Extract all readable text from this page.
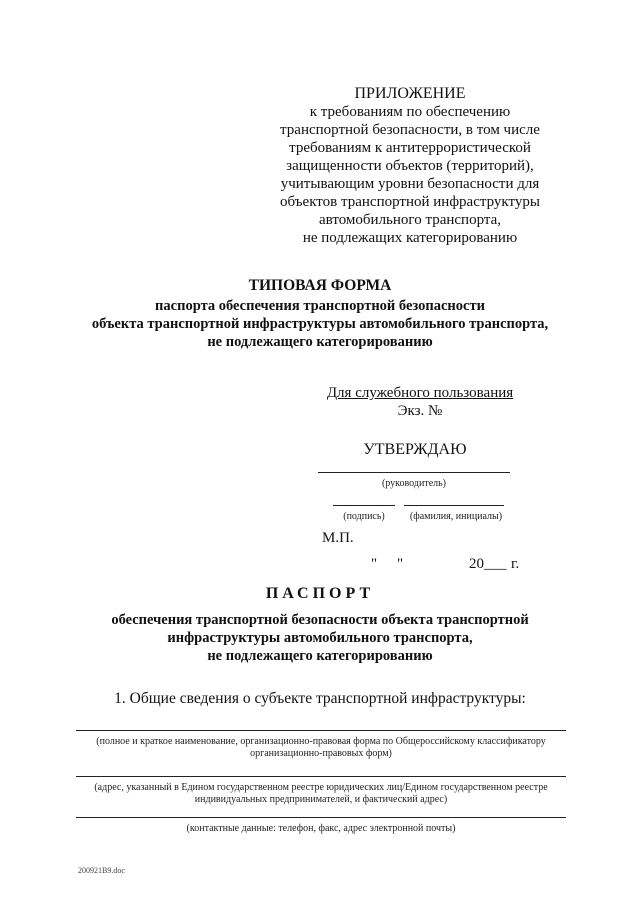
ПРИЛОЖЕНИЕ
к требованиям по обеспечению
транспортной безопасности, в том числе
требованиям к антитеррористической
защищенности объектов (территорий),
учитывающим уровни безопасности для
объектов транспортной инфраструктуры
автомобильного транспорта,
не подлежащих категорированию
ТИПОВАЯ ФОРМА
паспорта обеспечения транспортной безопасности
объекта транспортной инфраструктуры автомобильного транспорта,
не подлежащего категорированию
Для служебного пользования
Экз. №
УТВЕРЖДАЮ
(руководитель)
(подпись)	(фамилия, инициалы)
М.П.
" "	20___ г.
ПАСПОРТ
обеспечения транспортной безопасности объекта транспортной
инфраструктуры автомобильного транспорта,
не подлежащего категорированию
1. Общие сведения о субъекте транспортной инфраструктуры:
(полное и краткое наименование, организационно-правовая форма по Общероссийскому классификатору организационно-правовых форм)
(адрес, указанный в Едином государственном реестре юридических лиц/Едином государственном реестре индивидуальных предпринимателей, и фактический адрес)
(контактные данные: телефон, факс, адрес электронной почты)
200921В9.doc
